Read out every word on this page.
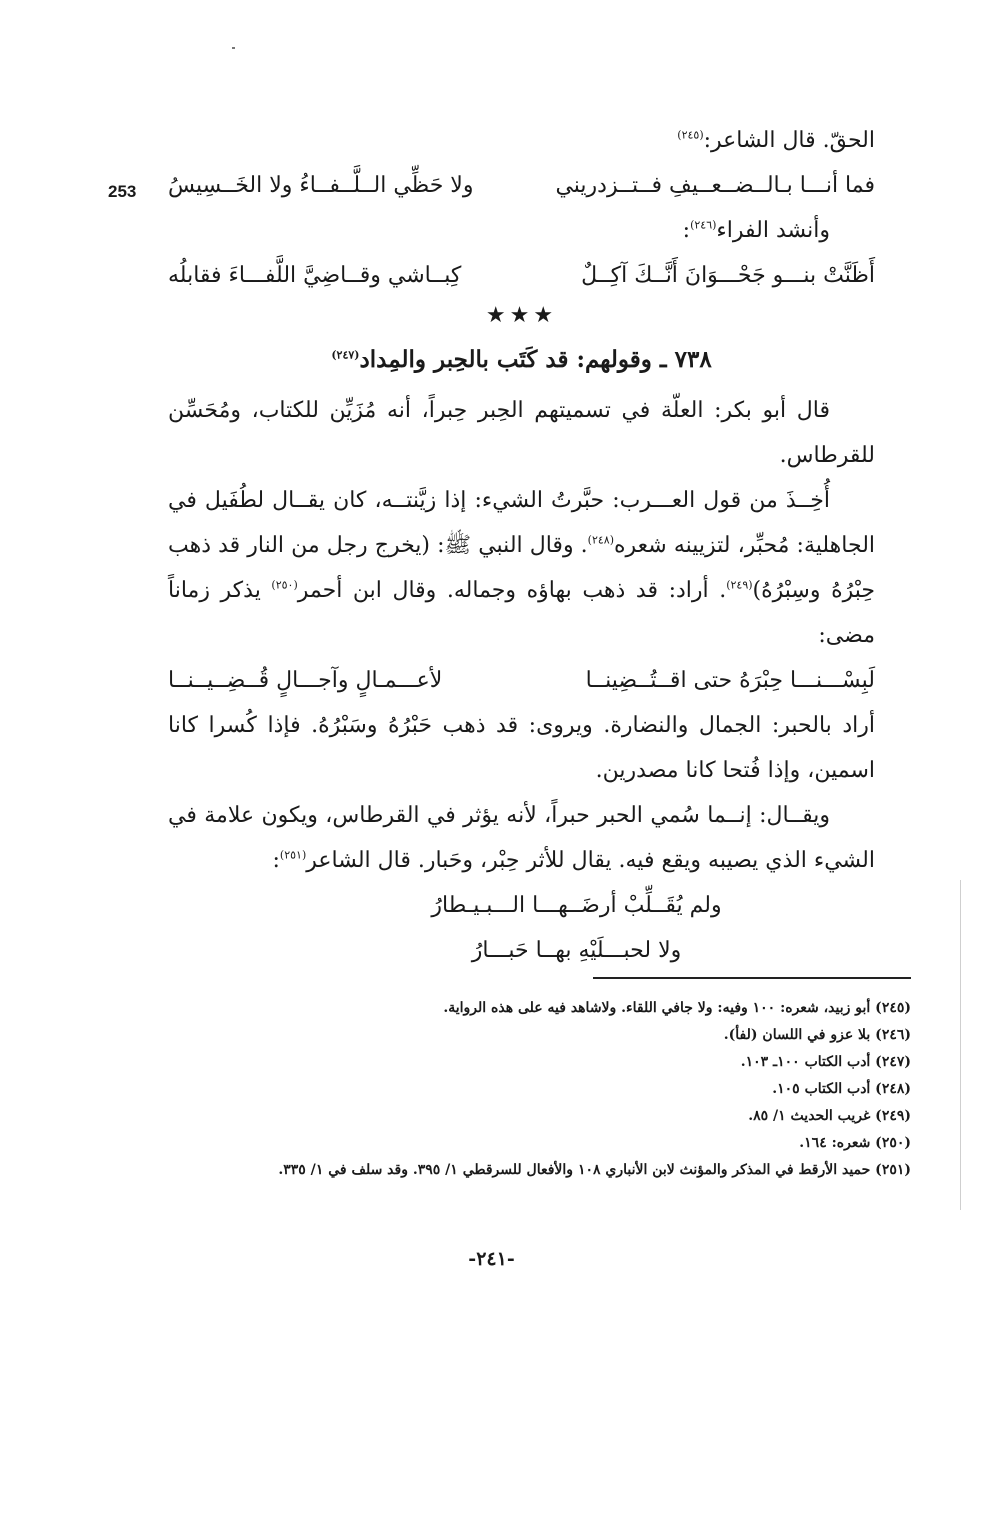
253

الحقّ. قال الشاعر:$^{(٢٤٥)}$

فما أنـــا بـالــضــعــيفِ فــتــزدريني
ولا حَظِّي الــلَّــفــاءُ ولا الخَــسِيسُ

وأنشد الفراء$^{(٢٤٦)}$:

أَظَنَّتْ بنـــو جَحْـــوَانَ أَنَّــكَ آكِــلٌ
كِبــاشي وقــاضِيَّ اللَّفـــاءَ فقابلُه
★★★
٧٣٨ ـ وقولهم: قد كَتَب بالحِبر والمِداد$^{(٢٤٧)}$

قال أبو بكر: العلّة في تسميتهم الحِبر حِبراً، أنه مُزَيِّن للكتاب، ومُحَسِّن للقرطاس.

أُخِــذَ من قول العـــرب: حبَّرتُ الشيء: إذا زيَّنتــه، كان يقــال لطُفَيل في الجاهلية: مُحبِّر، لتزيينه شعره$^{(٢٤٨)}$. وقال النبي ﷺ: (يخرج رجل من النار قد ذهب حِبْرُهُ وسِبْرُهُ)$^{(٢٤٩)}$. أراد: قد ذهب بهاؤه وجماله. وقال ابن أحمر$^{(٢٥٠)}$ يذكر زماناً مضى:

لَبِسْـــنـــا حِبْرَهُ حتى اقــتُــضِينــا
لأعـــمـالٍ وآجـــالٍ قُــضِــيــنــا

أراد بالحبر: الجمال والنضارة. ويروى: قد ذهب حَبْرُهُ وسَبْرُهُ. فإذا كُسرا كانا اسمين، وإذا فُتحا كانا مصدرين.

ويقــال: إنــما سُمي الحبر حبراً، لأنه يؤثر في القرطاس، ويكون علامة في الشيء الذي يصيبه ويقع فيه. يقال للأثر حِبْر، وحَبار. قال الشاعر$^{(٢٥١)}$:

ولم يُقَــلِّبْ أرضَــهـــا الـــبـيـطارُ

ولا لحبـــلَيْهِ بهــا حَبـــارُ

(٢٤٥) أبو زبيد، شعره: ١٠٠ وفيه: ولا جافي اللقاء. ولاشاهد فيه على هذه الرواية.
(٢٤٦) بلا عزو في اللسان (لفأ).
(٢٤٧) أدب الكتاب ١٠٠ـ ١٠٣.
(٢٤٨) أدب الكتاب ١٠٥.
(٢٤٩) غريب الحديث ١/ ٨٥.
(٢٥٠) شعره: ١٦٤.
(٢٥١) حميد الأرقط في المذكر والمؤنث لابن الأنباري ١٠٨ والأفعال للسرقطي ١/ ٣٩٥. وقد سلف في ١/ ٣٣٥.
-٢٤١-
